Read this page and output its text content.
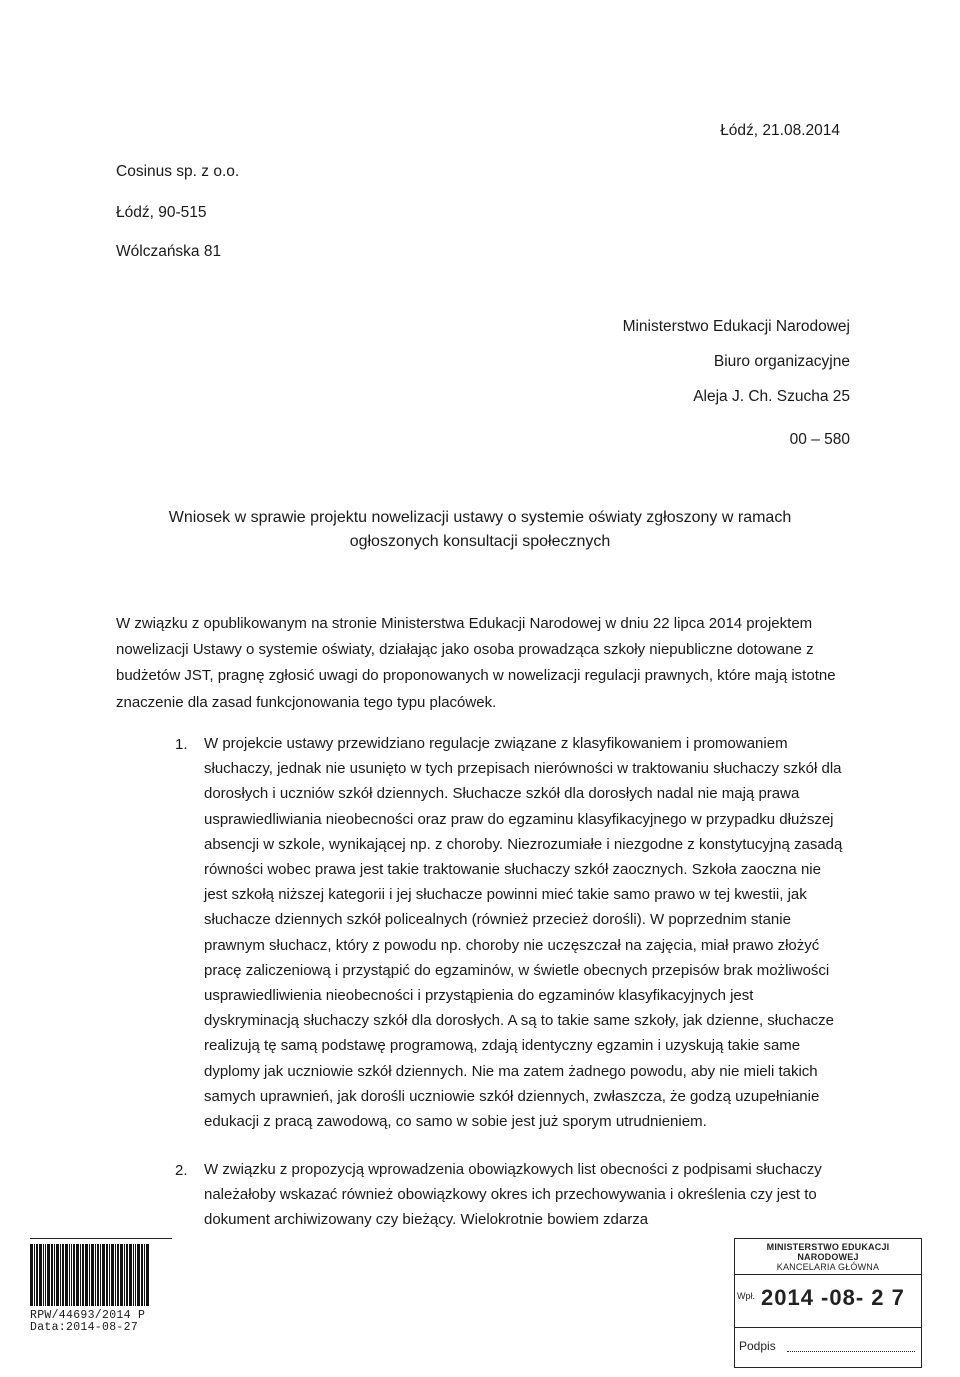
Łódź, 21.08.2014
Cosinus sp. z o.o.
Łódź, 90-515
Wólczańska 81
Ministerstwo Edukacji Narodowej
Biuro organizacyjne
Aleja J. Ch. Szucha 25
00 – 580
Wniosek w sprawie projektu nowelizacji ustawy o systemie oświaty zgłoszony w ramach
ogłoszonych konsultacji społecznych
W związku z opublikowanym na stronie Ministerstwa Edukacji Narodowej w dniu 22 lipca 2014 projektem nowelizacji Ustawy o systemie oświaty, działając jako osoba prowadząca szkoły niepubliczne dotowane z budżetów JST, pragnę zgłosić uwagi do proponowanych w nowelizacji regulacji prawnych, które mają istotne znaczenie dla zasad funkcjonowania tego typu placówek.
1. W projekcie ustawy przewidziano regulacje związane z klasyfikowaniem i promowaniem słuchaczy, jednak nie usunięto w tych przepisach nierówności w traktowaniu słuchaczy szkół dla dorosłych i uczniów szkół dziennych. Słuchacze szkół dla dorosłych nadal nie mają prawa usprawiedliwiania nieobecności oraz praw do egzaminu klasyfikacyjnego w przypadku dłuższej absencji w szkole, wynikającej np. z choroby. Niezrozumiałe i niezgodne z konstytucyjną zasadą równości wobec prawa jest takie traktowanie słuchaczy szkół zaocznych. Szkoła zaoczna nie jest szkołą niższej kategorii i jej słuchacze powinni mieć takie samo prawo w tej kwestii, jak słuchacze dziennych szkół policealnych (również przecież dorośli). W poprzednim stanie prawnym słuchacz, który z powodu np. choroby nie uczęszczał na zajęcia, miał prawo złożyć pracę zaliczeniową i przystąpić do egzaminów, w świetle obecnych przepisów brak możliwości usprawiedliwienia nieobecności i przystąpienia do egzaminów klasyfikacyjnych jest dyskryminacją słuchaczy szkół dla dorosłych. A są to takie same szkoły, jak dzienne, słuchacze realizują tę samą podstawę programową, zdają identyczny egzamin i uzyskują takie same dyplomy jak uczniowie szkół dziennych. Nie ma zatem żadnego powodu, aby nie mieli takich samych uprawnień, jak dorośli uczniowie szkół dziennych, zwłaszcza, że godzą uzupełnianie edukacji z pracą zawodową, co samo w sobie jest już sporym utrudnieniem.
2. W związku z propozycją wprowadzenia obowiązkowych list obecności z podpisami słuchaczy należałoby wskazać również obowiązkowy okres ich przechowywania i określenia czy jest to dokument archiwizowany czy bieżący. Wielokrotnie bowiem zdarza
RPW/44693/2014 P
Data:2014-08-27
MINISTERSTWO EDUKACJI NARODOWEJ
KANCELARIA GŁÓWNA
Wpł. 2014 -08- 2 7
Podpis
